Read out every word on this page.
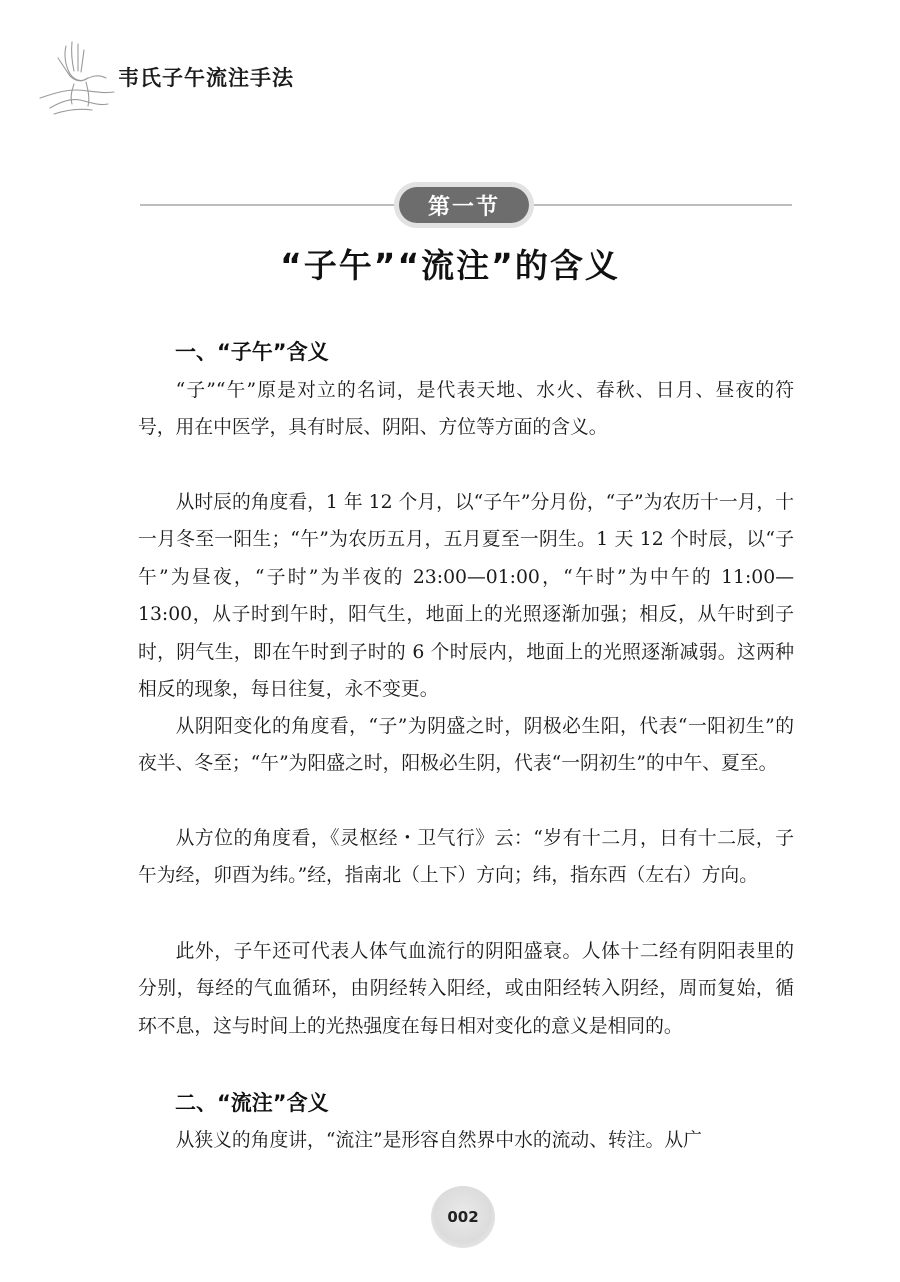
韦氏子午流注手法
第一节
“子午”“流注”的含义
一、“子午”含义

“子”“午”原是对立的名词，是代表天地、水火、春秋、日月、昼夜的符号，用在中医学，具有时辰、阴阳、方位等方面的含义。

从时辰的角度看，1 年 12 个月，以“子午”分月份，“子”为农历十一月，十一月冬至一阳生；“午”为农历五月，五月夏至一阴生。1 天 12 个时辰，以“子午”为昼夜，“子时”为半夜的 23:00—01:00，“午时”为中午的 11:00—13:00，从子时到午时，阳气生，地面上的光照逐渐加强；相反，从午时到子时，阴气生，即在午时到子时的 6 个时辰内，地面上的光照逐渐减弱。这两种相反的现象，每日往复，永不变更。

从阴阳变化的角度看，“子”为阴盛之时，阴极必生阳，代表“一阳初生”的夜半、冬至；“午”为阳盛之时，阳极必生阴，代表“一阴初生”的中午、夏至。

从方位的角度看，《灵枢经・卫气行》云：“岁有十二月，日有十二辰，子午为经，卯酉为纬。”经，指南北（上下）方向；纬，指东西（左右）方向。

此外，子午还可代表人体气血流行的阴阳盛衰。人体十二经有阴阳表里的分别，每经的气血循环，由阴经转入阳经，或由阳经转入阴经，周而复始，循环不息，这与时间上的光热强度在每日相对变化的意义是相同的。

二、“流注”含义

从狭义的角度讲，“流注”是形容自然界中水的流动、转注。从广

002
